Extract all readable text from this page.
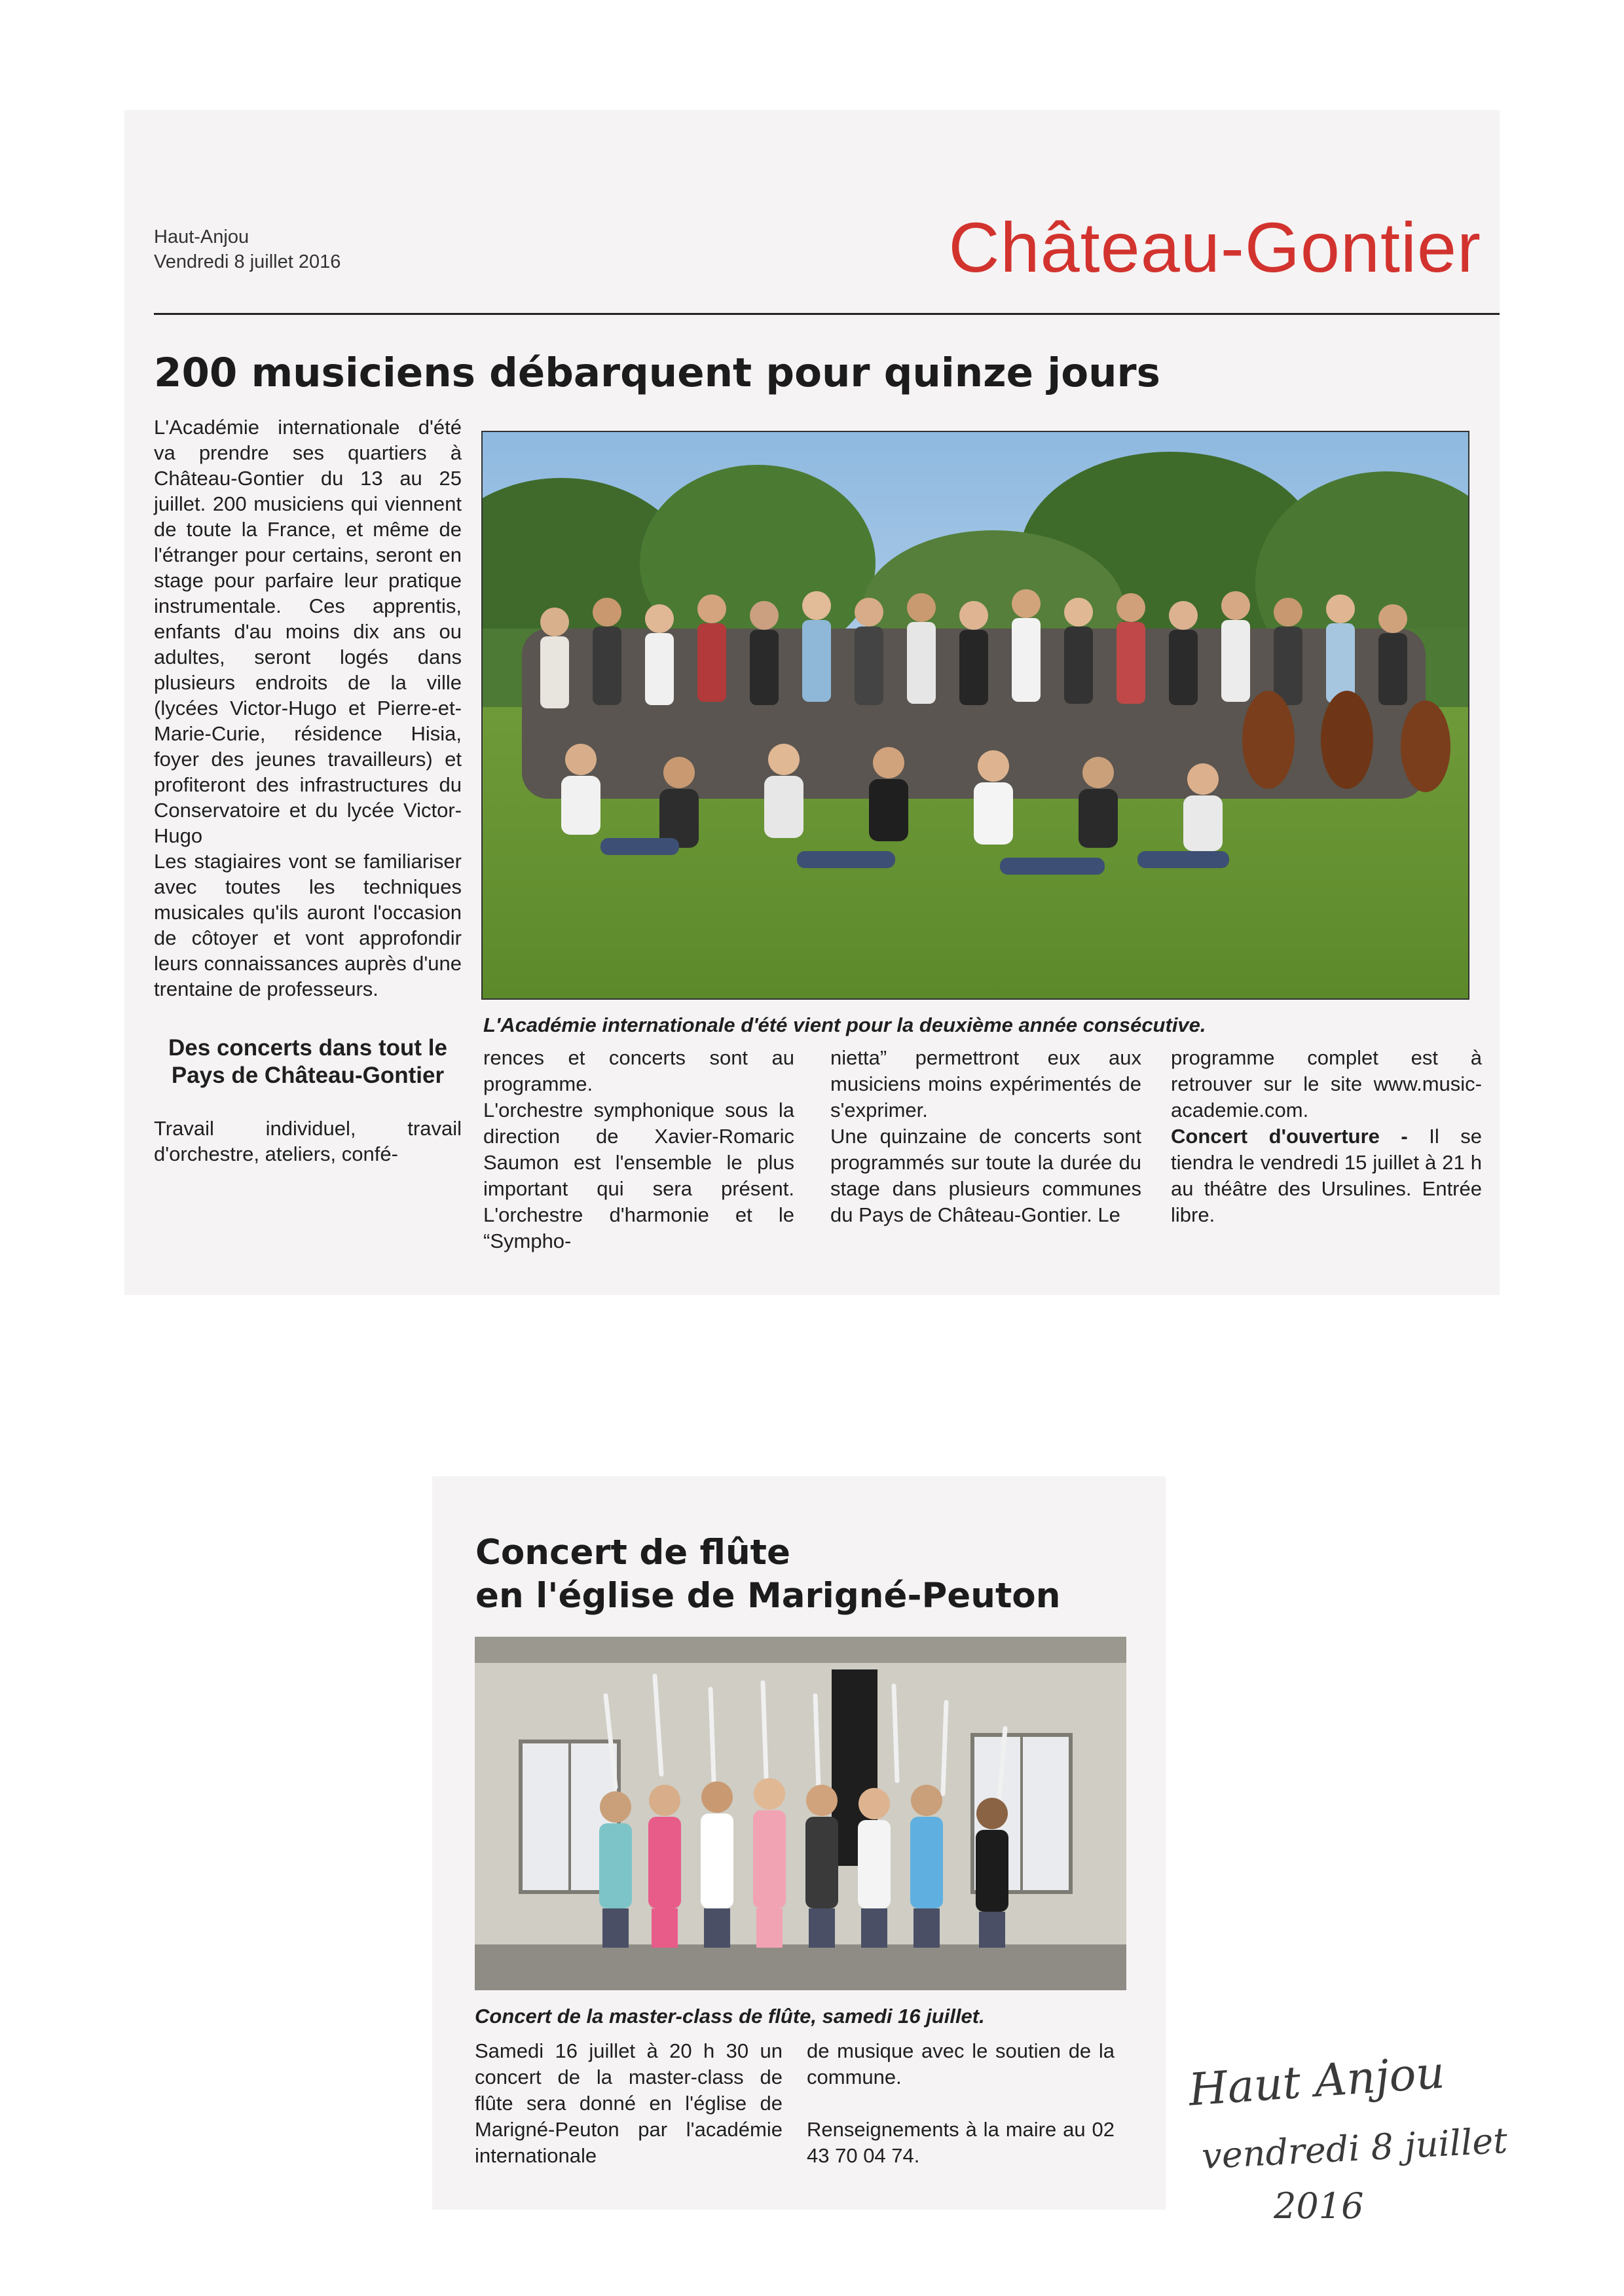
Haut-Anjou
Vendredi 8 juillet 2016	Château-Gontier
200 musiciens débarquent pour quinze jours

L'Académie internationale d'été va prendre ses quartiers à Château-Gontier du 13 au 25 juillet. 200 musiciens qui viennent de toute la France, et même de l'étranger pour certains, seront en stage pour parfaire leur pratique instrumentale. Ces apprentis, enfants d'au moins dix ans ou adultes, seront logés dans plusieurs endroits de la ville (lycées Victor-Hugo et Pierre-et-Marie-Curie, résidence Hisia, foyer des jeunes travailleurs) et profiteront des infrastructures du Conservatoire et du lycée Victor-Hugo

Les stagiaires vont se familiariser avec toutes les techniques musicales qu'ils auront l'occasion de côtoyer et vont approfondir leurs connaissances auprès d'une trentaine de professeurs.

Des concerts dans tout le Pays de Château-Gontier

Travail individuel, travail d'orchestre, ateliers, confé-

L'Académie internationale d'été vient pour la deuxième année consécutive.

rences et concerts sont au programme.

L'orchestre symphonique sous la direction de Xavier-Romaric Saumon est l'ensemble le plus important qui sera présent. L'orchestre d'harmonie et le “Sympho-

nietta” permettront eux aux musiciens moins expérimentés de s'exprimer.

Une quinzaine de concerts sont programmés sur toute la durée du stage dans plusieurs communes du Pays de Château-Gontier. Le

programme complet est à retrouver sur le site www.music-academie.com.

Concert d'ouverture - Il se tiendra le vendredi 15 juillet à 21 h au théâtre des Ursulines. Entrée libre.

Concert de flûte
en l'église de Marigné-Peuton
Concert de la master-class de flûte, samedi 16 juillet.

Samedi 16 juillet à 20 h 30 un concert de la master-class de flûte sera donné en l'église de Marigné-Peuton par l'académie internationale

de musique avec le soutien de la commune.

Renseignements à la maire au 02 43 70 04 74.

Haut Anjou
vendredi 8 juillet
2016
